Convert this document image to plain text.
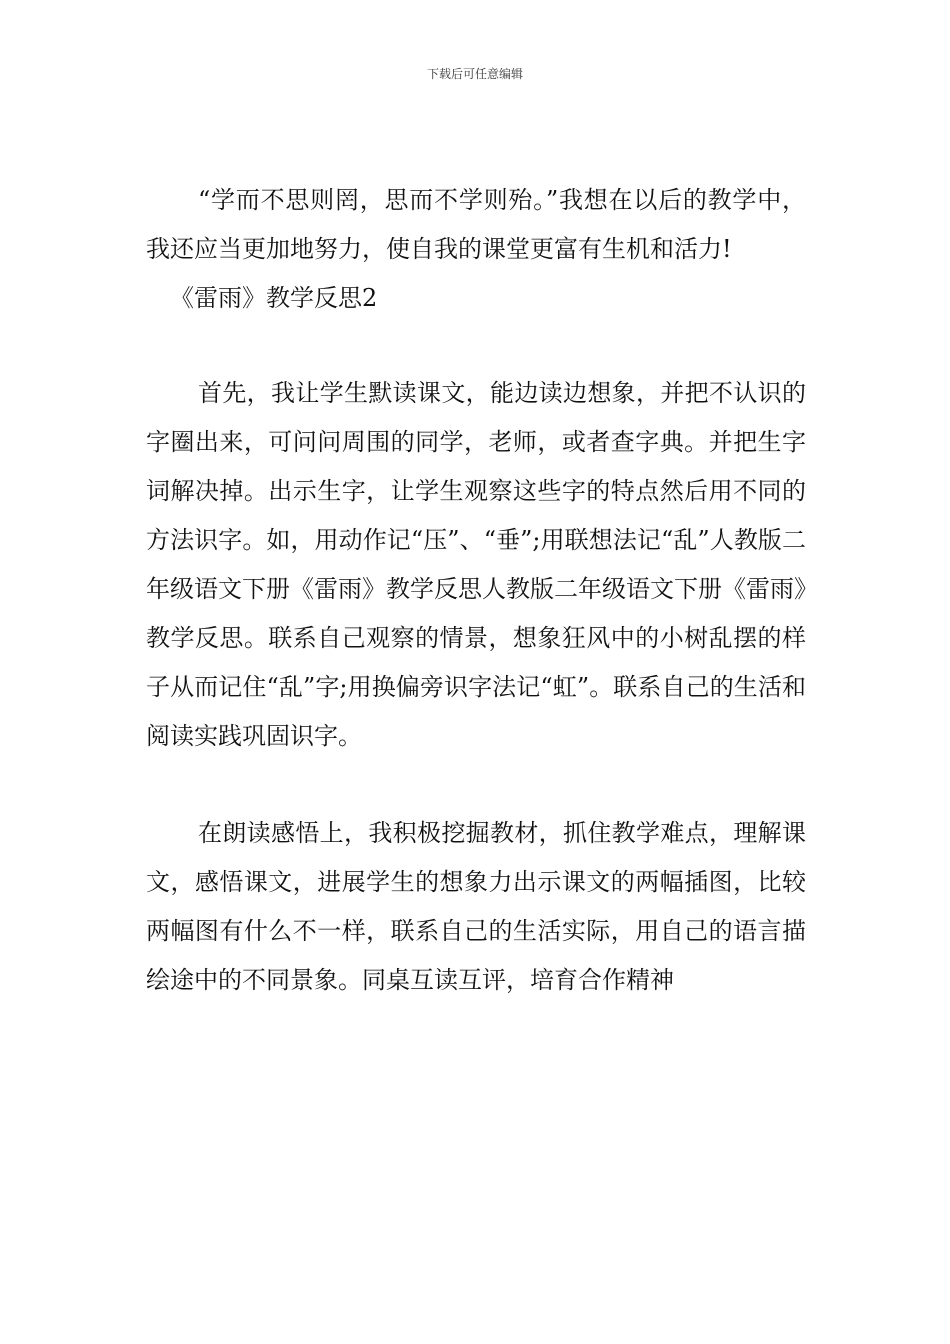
下载后可任意编辑

“学而不思则罔，思而不学则殆。”我想在以后的教学中，我还应当更加地努力，使自我的课堂更富有生机和活力!

《雷雨》教学反思2

首先，我让学生默读课文，能边读边想象，并把不认识的字圈出来，可问问周围的同学，老师，或者查字典。并把生字词解决掉。出示生字，让学生观察这些字的特点然后用不同的方法识字。如，用动作记“压”、“垂”;用联想法记“乱”人教版二年级语文下册《雷雨》教学反思人教版二年级语文下册《雷雨》教学反思。联系自己观察的情景，想象狂风中的小树乱摆的样子从而记住“乱”字;用换偏旁识字法记“虹”。联系自己的生活和阅读实践巩固识字。

在朗读感悟上，我积极挖掘教材，抓住教学难点，理解课文，感悟课文，进展学生的想象力出示课文的两幅插图，比较两幅图有什么不一样，联系自己的生活实际，用自己的语言描绘途中的不同景象。同桌互读互评，培育合作精神
